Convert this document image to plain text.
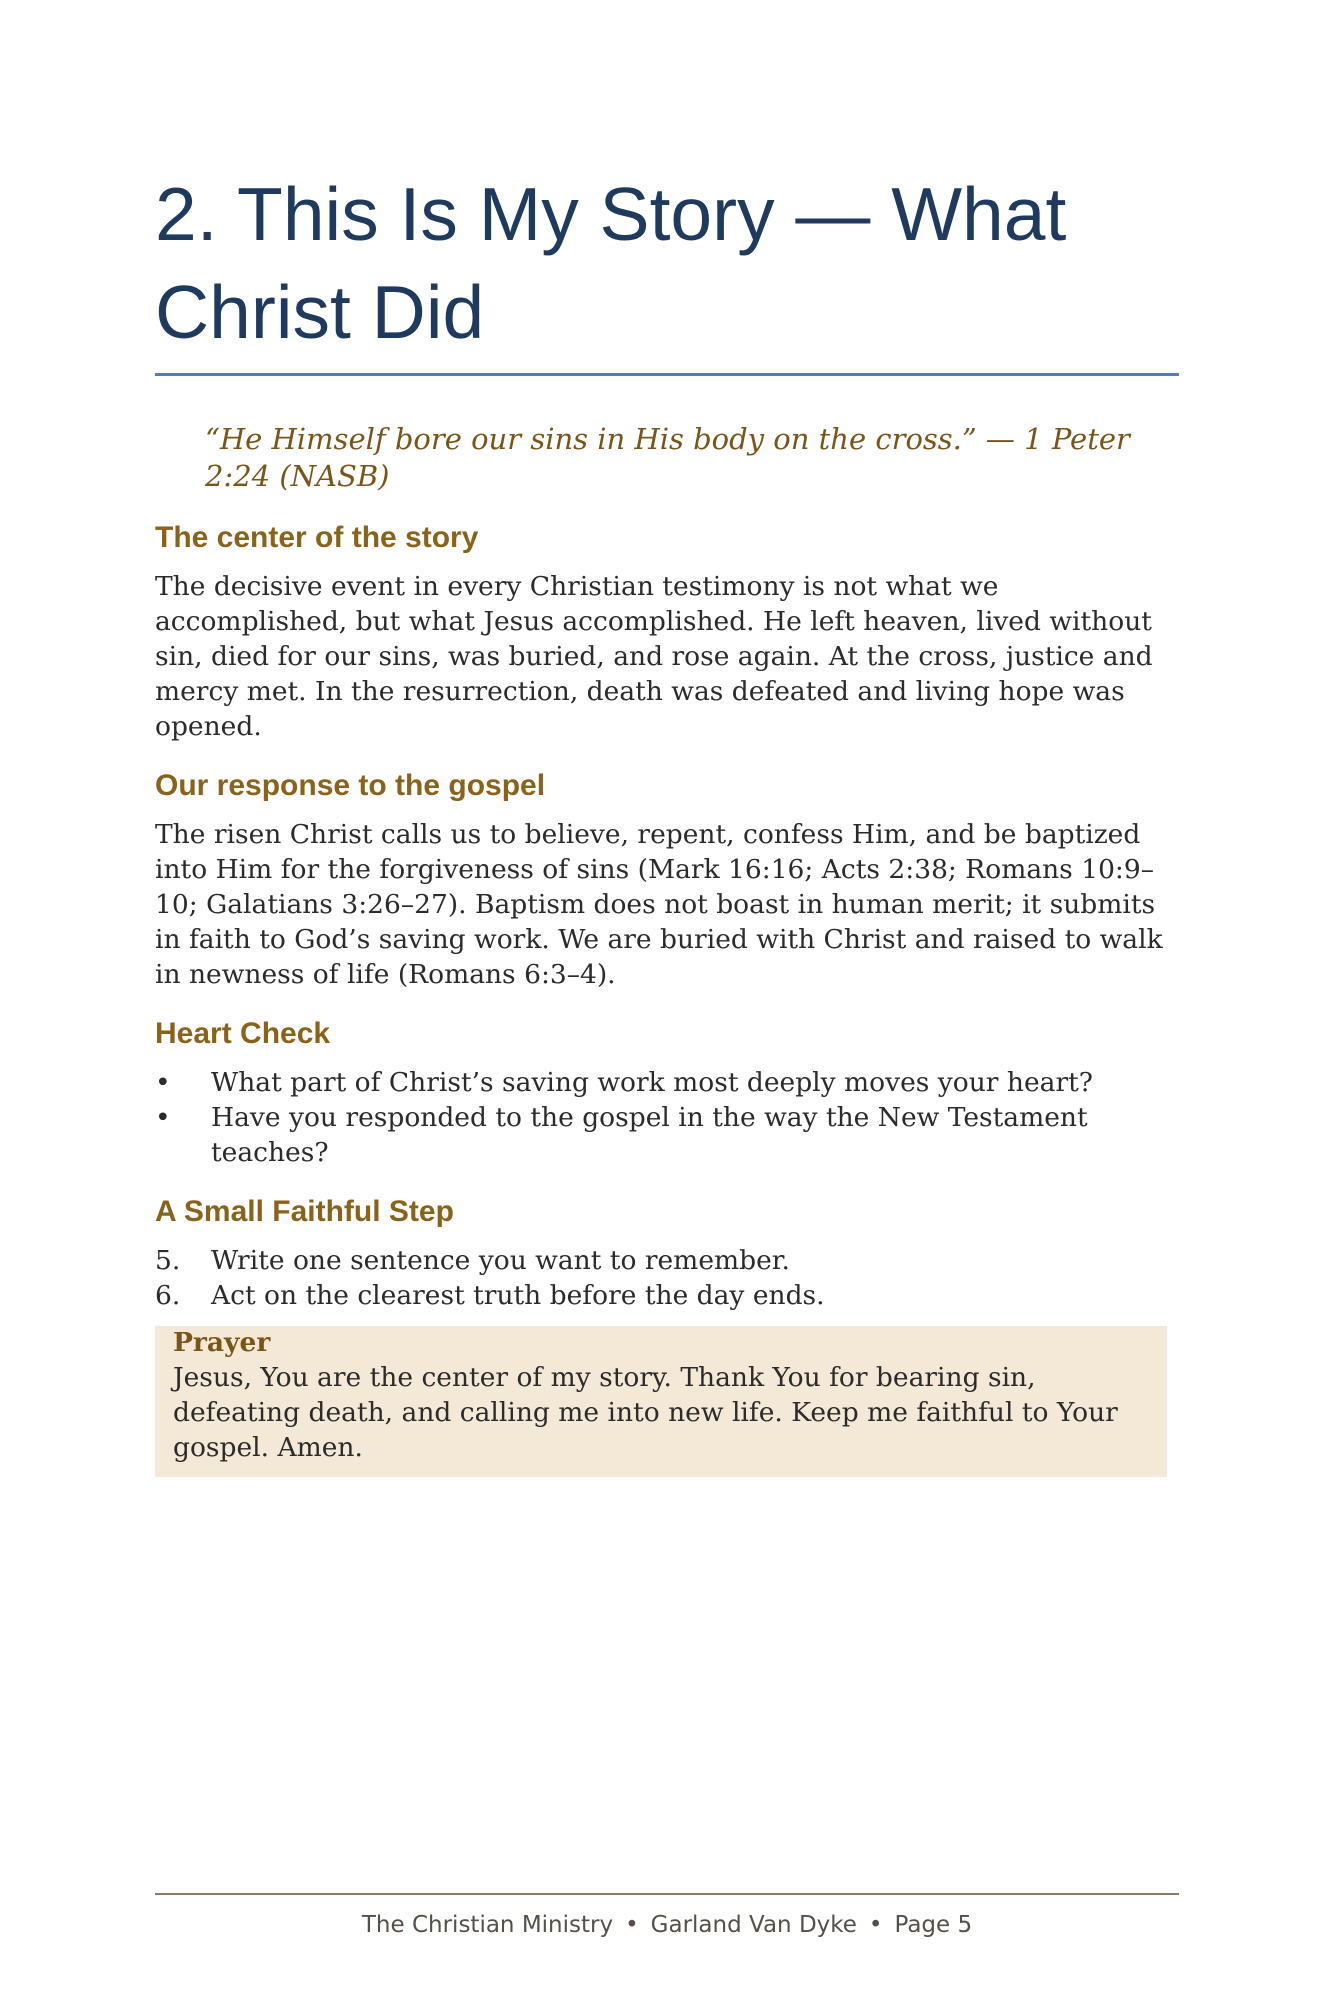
2. This Is My Story — What Christ Did

“He Himself bore our sins in His body on the cross.” — 1 Peter 2:24 (NASB)

The center of the story

The decisive event in every Christian testimony is not what we accomplished, but what Jesus accomplished. He left heaven, lived without sin, died for our sins, was buried, and rose again. At the cross, justice and mercy met. In the resurrection, death was defeated and living hope was opened.

Our response to the gospel

The risen Christ calls us to believe, repent, confess Him, and be baptized into Him for the forgiveness of sins (Mark 16:16; Acts 2:38; Romans 10:9–10; Galatians 3:26–27). Baptism does not boast in human merit; it submits in faith to God’s saving work. We are buried with Christ and raised to walk in newness of life (Romans 6:3–4).

Heart Check
•	What part of Christ’s saving work most deeply moves your heart?
•	Have you responded to the gospel in the way the New Testament teaches?
A Small Faithful Step
5.	Write one sentence you want to remember.
6.	Act on the clearest truth before the day ends.

Prayer

Jesus, You are the center of my story. Thank You for bearing sin, defeating death, and calling me into new life. Keep me faithful to Your gospel. Amen.

The Christian Ministry • Garland Van Dyke • Page 5
